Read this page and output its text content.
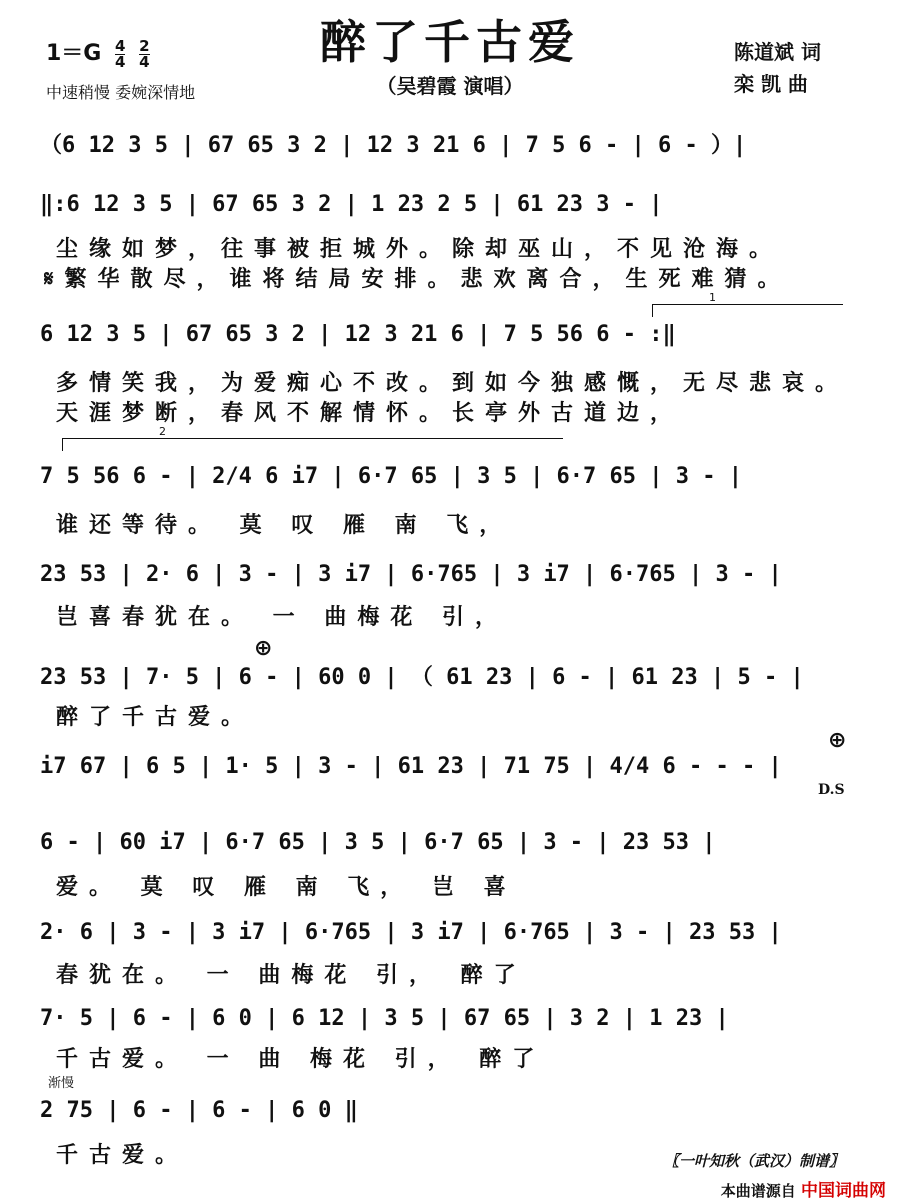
醉了千古爱
（吴碧霞 演唱）
$1=G \frac{4}{4}$
$\frac{2}{4}$
中速稍慢 委婉深情地
陈道斌 词
栾 凯 曲
（6 12 3 5 | 67 65 3 2 | 12 3 21 6 | 7 5 6 - | 6 - ）|
‖:6 12 3 5 | 67 65 3 2 | 1 23 2 5 | 61 23 3 - |
尘缘如梦，往事被拒城外。除却巫山，不见沧海。
𝄋繁华散尽，谁将结局安排。悲欢离合，生死难猜。
1
6 12 3 5 | 67 65 3 2 | 12 3 21 6 | 7 5 56 6 - :‖
多情笑我，为爱痴心不改。到如今独感慨，无尽悲哀。
天涯梦断，春风不解情怀。长亭外古道边，
2
7 5 56 6 - | 2/4 6 i7 | 6·7 65 | 3 5 | 6·7 65 | 3 - |
谁还等待。 莫 叹 雁 南 飞，
23 53 | 2· 6 | 3 - | 3 i7 | 6·765 | 3 i7 | 6·765 | 3 - |
岂喜春犹在。 一 曲梅花 引，
⊕
23 53 | 7· 5 | 6 - | 60 0 | （ 61 23 | 6 - | 61 23 | 5 - |
醉了千古爱。
⊕
i7 67 | 6 5 | 1· 5 | 3 - | 61 23 | 71 75 | 4/4 6 - - - |
D.S
6 - | 60 i7 | 6·7 65 | 3 5 | 6·7 65 | 3 - | 23 53 |
爱。 莫 叹 雁 南 飞， 岂 喜
2· 6 | 3 - | 3 i7 | 6·765 | 3 i7 | 6·765 | 3 - | 23 53 |
春犹在。 一 曲梅花 引， 醉了
7· 5 | 6 - | 6 0 | 6 12 | 3 5 | 67 65 | 3 2 | 1 23 |
千古爱。 一 曲 梅花 引， 醉了
渐慢
2 75 | 6 - | 6 - | 6 0 ‖
千古爱。	〖一叶知秋（武汉）制谱〗
本曲谱源自 中国词曲网
